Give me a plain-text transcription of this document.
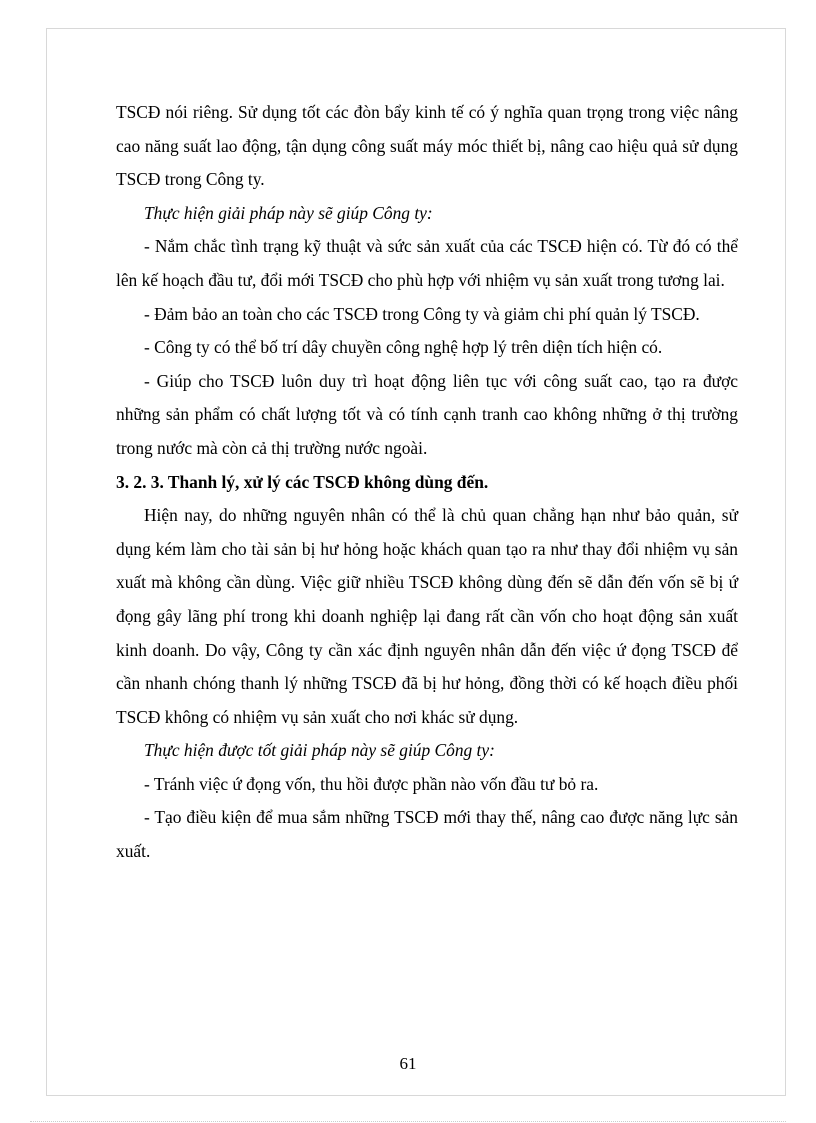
TSCĐ nói riêng. Sử dụng tốt các đòn bẩy kinh tế có ý nghĩa quan trọng trong việc nâng cao năng suất lao động, tận dụng công suất máy móc thiết bị, nâng cao hiệu quả sử dụng TSCĐ trong Công ty.

Thực hiện giải pháp này sẽ giúp Công ty:

- Nắm chắc tình trạng kỹ thuật và sức sản xuất của các TSCĐ hiện có. Từ đó có thể lên kế hoạch đầu tư, đổi mới TSCĐ cho phù hợp với nhiệm vụ sản xuất trong tương lai.

- Đảm bảo an toàn cho các TSCĐ trong Công ty và giảm chi phí quản lý TSCĐ.

- Công ty có thể bố trí dây chuyền công nghệ hợp lý trên diện tích hiện có.

- Giúp cho TSCĐ luôn duy trì hoạt động liên tục với công suất cao, tạo ra được những sản phẩm có chất lượng tốt và có tính cạnh tranh cao không những ở thị trường trong nước mà còn cả thị trường nước ngoài.

3. 2. 3. Thanh lý, xử lý các TSCĐ không dùng đến.

Hiện nay, do những nguyên nhân có thể là chủ quan chẳng hạn như bảo quản, sử dụng kém làm cho tài sản bị hư hỏng hoặc khách quan tạo ra như thay đổi nhiệm vụ sản xuất mà không cần dùng. Việc giữ nhiều TSCĐ không dùng đến sẽ dẫn đến vốn sẽ bị ứ đọng gây lãng phí trong khi doanh nghiệp lại đang rất cần vốn cho hoạt động sản xuất kinh doanh. Do vậy, Công ty cần xác định nguyên nhân dẫn đến việc ứ đọng TSCĐ để cần nhanh chóng thanh lý những TSCĐ đã bị hư hỏng, đồng thời có kế hoạch điều phối TSCĐ không có nhiệm vụ sản xuất cho nơi khác sử dụng.

Thực hiện được tốt giải pháp này sẽ giúp Công ty:

- Tránh việc ứ đọng vốn, thu hồi được phần nào vốn đầu tư bỏ ra.

- Tạo điều kiện để mua sắm những TSCĐ mới thay thế, nâng cao được năng lực sản xuất.

61
